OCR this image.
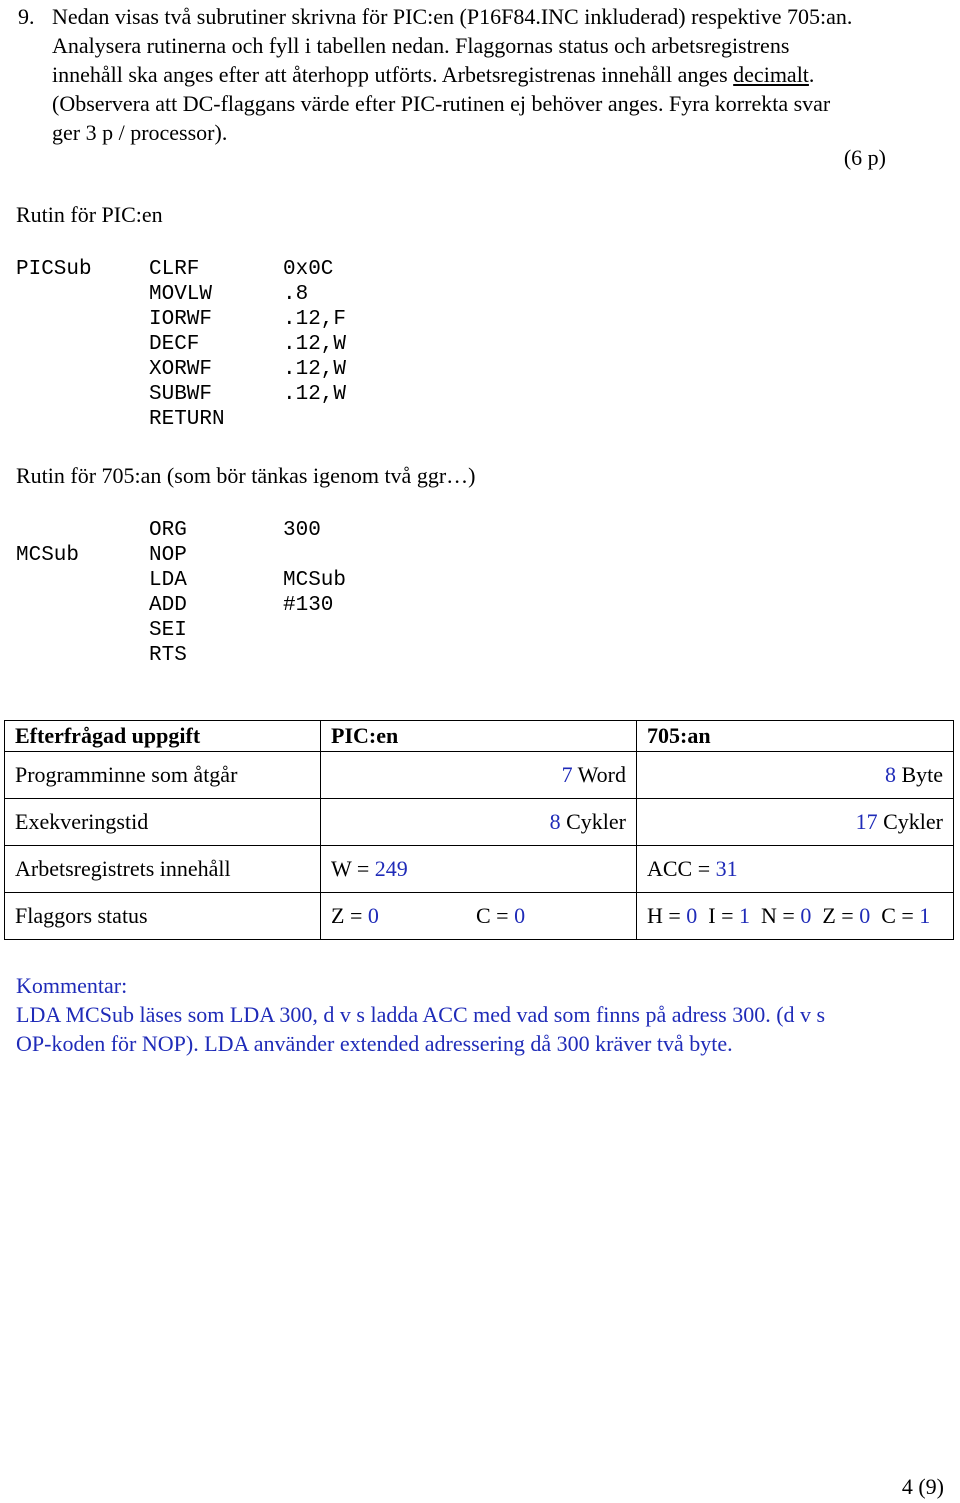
9. Nedan visas två subrutiner skrivna för PIC:en (P16F84.INC inkluderad) respektive 705:an.
Analysera rutinerna och fyll i tabellen nedan. Flaggornas status och arbetsregistrens
innehåll ska anges efter att återhopp utförts. Arbetsregistrenas innehåll anges decimalt.
(Observera att DC-flaggans värde efter PIC-rutinen ej behöver anges. Fyra korrekta svar
ger 3 p / processor).
(6 p)
Rutin för PIC:en
PICSub	CLRF	0x0C
MOVLW	.8
IORWF	.12,F
DECF	.12,W
XORWF	.12,W
SUBWF	.12,W
RETURN
Rutin för 705:an (som bör tänkas igenom två ggr…)
ORG	300
MCSub	NOP
LDA	MCSub
ADD	#130
SEI
RTS
Efterfrågad uppgift	PIC:en	705:an
Programminne som åtgår	7 Word	8 Byte
Exekveringstid	8 Cykler	17 Cykler
Arbetsregistrets innehåll	W = 249	ACC = 31
Flaggors status	Z = 0 C = 0	H = 0 I = 1 N = 0 Z = 0 C = 1
Kommentar:
LDA MCSub läses som LDA 300, d v s ladda ACC med vad som finns på adress 300. (d v s
OP-koden för NOP). LDA använder extended adressering då 300 kräver två byte.
4 (9)
